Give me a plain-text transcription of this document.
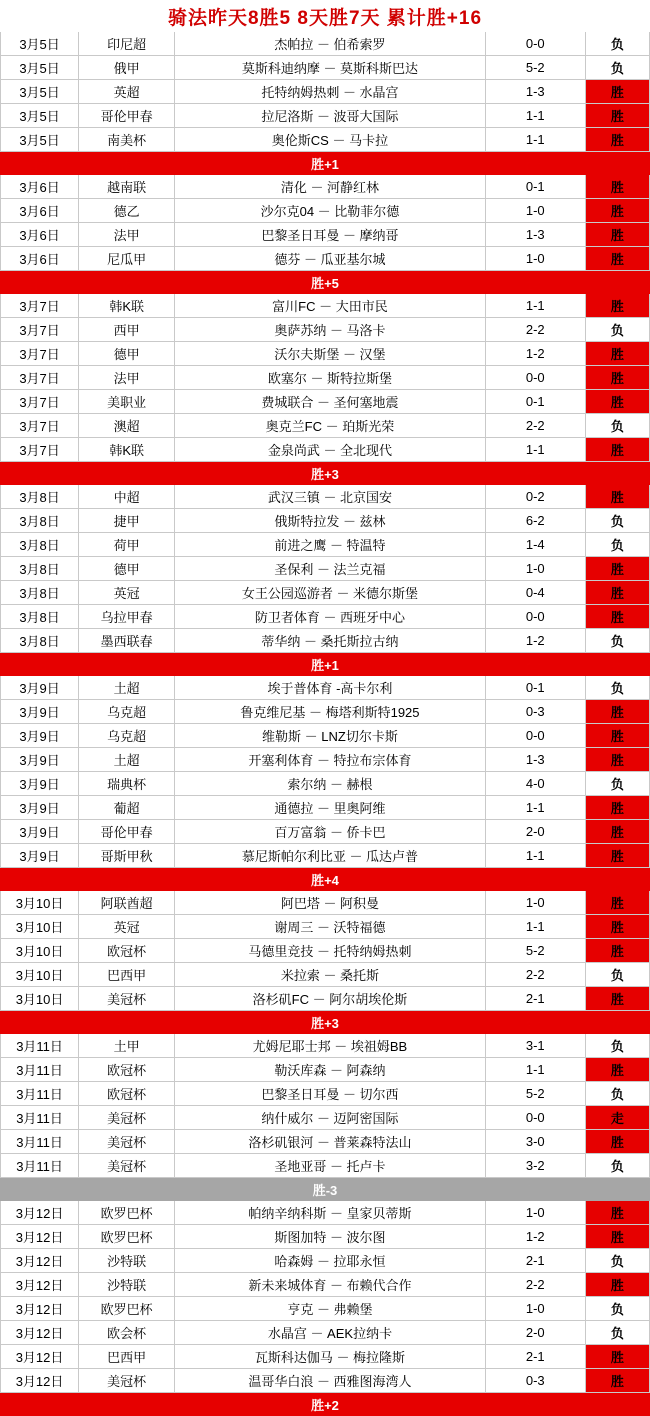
骑法昨天8胜5 8天胜7天 累计胜+16				
3月5日	印尼超	杰帕拉 － 伯希索罗	0-0	负
3月5日	俄甲	莫斯科迪纳摩 － 莫斯科斯巴达	5-2	负
3月5日	英超	托特纳姆热刺 － 水晶宫	1-3	胜
3月5日	哥伦甲春	拉尼洛斯 － 波哥大国际	1-1	胜
3月5日	南美杯	奥伦斯CS － 马卡拉	1-1	胜
胜+1				
3月6日	越南联	清化 － 河静红林	0-1	胜
3月6日	德乙	沙尔克04 － 比勒菲尔德	1-0	胜
3月6日	法甲	巴黎圣日耳曼 － 摩纳哥	1-3	胜
3月6日	尼瓜甲	德芬 － 瓜亚基尔城	1-0	胜
胜+5				
3月7日	韩K联	富川FC － 大田市民	1-1	胜
3月7日	西甲	奥萨苏纳 － 马洛卡	2-2	负
3月7日	德甲	沃尔夫斯堡 － 汉堡	1-2	胜
3月7日	法甲	欧塞尔 － 斯特拉斯堡	0-0	胜
3月7日	美职业	费城联合 － 圣何塞地震	0-1	胜
3月7日	澳超	奥克兰FC － 珀斯光荣	2-2	负
3月7日	韩K联	金泉尚武 － 全北现代	1-1	胜
胜+3				
3月8日	中超	武汉三镇 － 北京国安	0-2	胜
3月8日	捷甲	俄斯特拉发 － 兹林	6-2	负
3月8日	荷甲	前进之鹰 － 特温特	1-4	负
3月8日	德甲	圣保利 － 法兰克福	1-0	胜
3月8日	英冠	女王公园巡游者 － 米德尔斯堡	0-4	胜
3月8日	乌拉甲春	防卫者体育 － 西班牙中心	0-0	胜
3月8日	墨西联春	蒂华纳 － 桑托斯拉古纳	1-2	负
胜+1				
3月9日	土超	埃于普体育 -高卡尔利	0-1	负
3月9日	乌克超	鲁克维尼基 － 梅塔利斯特1925	0-3	胜
3月9日	乌克超	维勒斯 － LNZ切尔卡斯	0-0	胜
3月9日	土超	开塞利体育 － 特拉布宗体育	1-3	胜
3月9日	瑞典杯	索尔纳 － 赫根	4-0	负
3月9日	葡超	通德拉 － 里奥阿维	1-1	胜
3月9日	哥伦甲春	百万富翁 － 侨卡巴	2-0	胜
3月9日	哥斯甲秋	慕尼斯帕尔利比亚 － 瓜达卢普	1-1	胜
胜+4				
3月10日	阿联酋超	阿巴塔 － 阿积曼	1-0	胜
3月10日	英冠	谢周三 － 沃特福德	1-1	胜
3月10日	欧冠杯	马德里竞技 － 托特纳姆热刺	5-2	胜
3月10日	巴西甲	米拉索 － 桑托斯	2-2	负
3月10日	美冠杯	洛杉矶FC － 阿尔胡埃伦斯	2-1	胜
胜+3				
3月11日	土甲	尤姆尼耶士邦 － 埃祖姆BB	3-1	负
3月11日	欧冠杯	勒沃库森 － 阿森纳	1-1	胜
3月11日	欧冠杯	巴黎圣日耳曼 － 切尔西	5-2	负
3月11日	美冠杯	纳什威尔 － 迈阿密国际	0-0	走
3月11日	美冠杯	洛杉矶银河 － 普莱森特法山	3-0	胜
3月11日	美冠杯	圣地亚哥 － 托卢卡	3-2	负
胜-3				
3月12日	欧罗巴杯	帕纳辛纳科斯 － 皇家贝蒂斯	1-0	胜
3月12日	欧罗巴杯	斯图加特 － 波尔图	1-2	胜
3月12日	沙特联	哈森姆 － 拉耶永恒	2-1	负
3月12日	沙特联	新未来城体育 － 布赖代合作	2-2	胜
3月12日	欧罗巴杯	亨克 － 弗赖堡	1-0	负
3月12日	欧会杯	水晶宫 － AEK拉纳卡	2-0	负
3月12日	巴西甲	瓦斯科达伽马 － 梅拉隆斯	2-1	胜
3月12日	美冠杯	温哥华白浪 － 西雅图海湾人	0-3	胜
胜+2				
